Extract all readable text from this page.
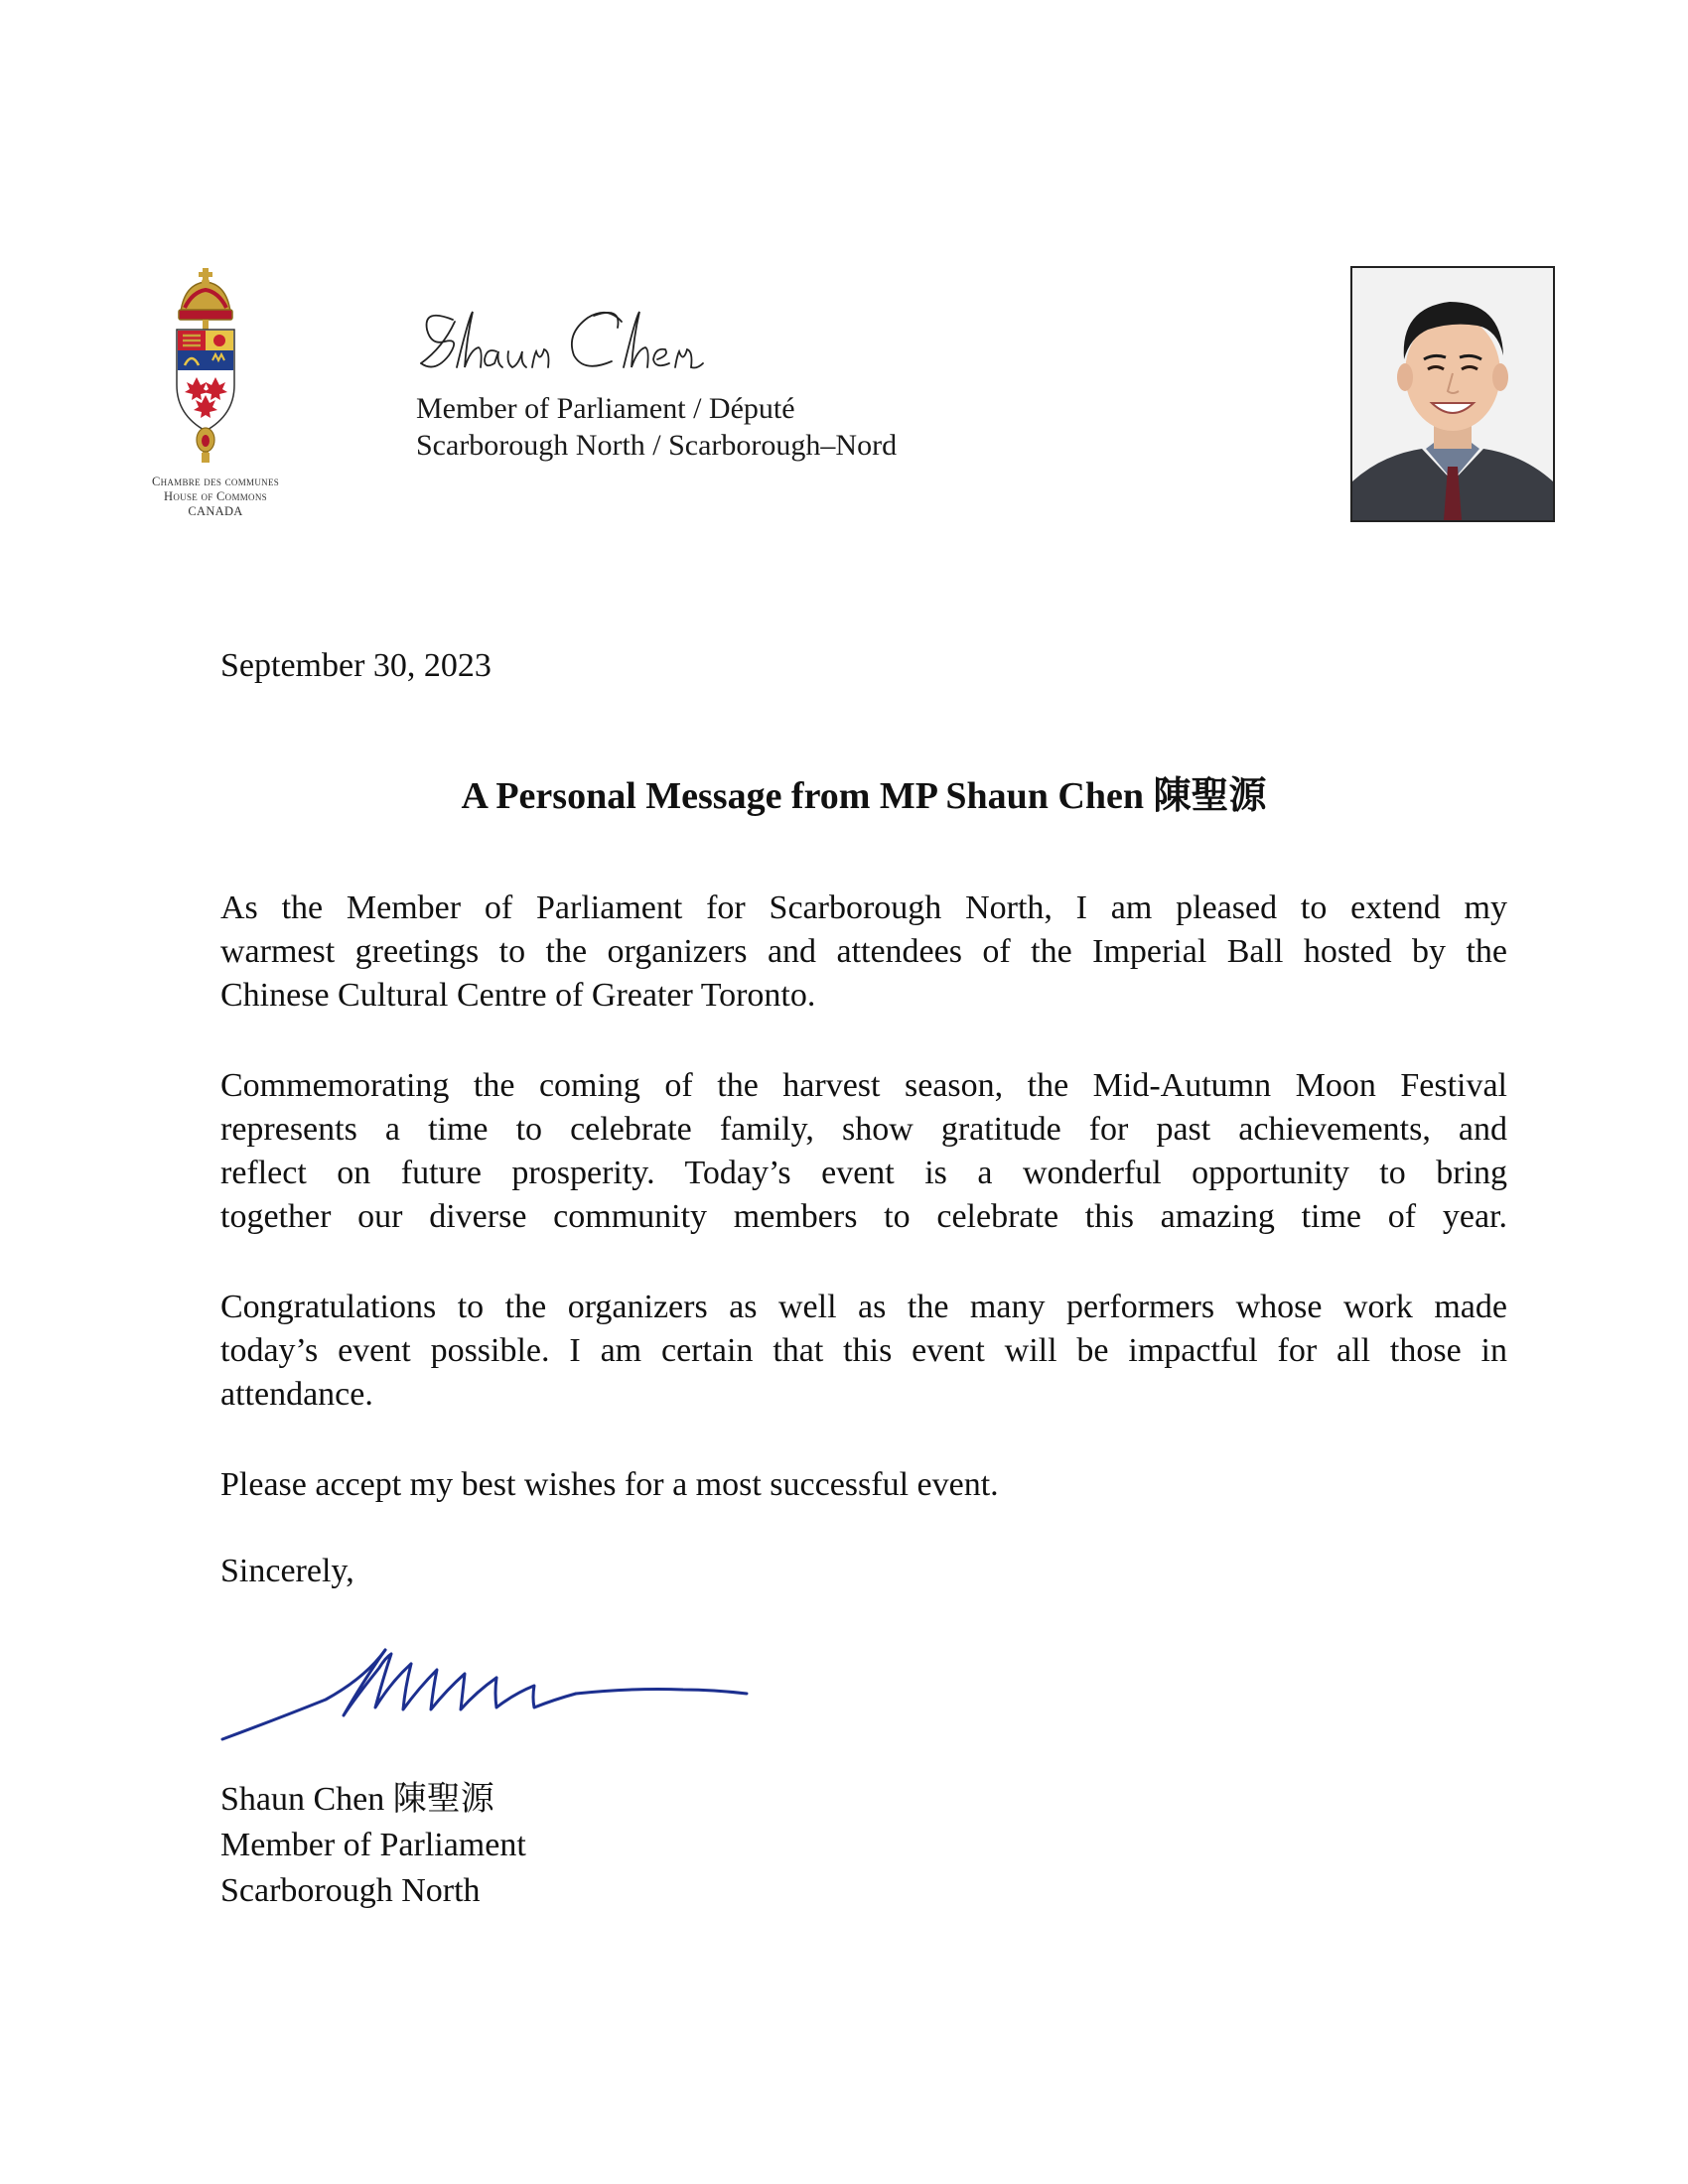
Chambre des communes
House of Commons
CANADA
Member of Parliament / Député
Scarborough North / Scarborough–Nord
September 30, 2023
A Personal Message from MP Shaun Chen 陳聖源
As the Member of Parliament for Scarborough North, I am pleased to extend my
warmest greetings to the organizers and attendees of the Imperial Ball hosted by the
Chinese Cultural Centre of Greater Toronto.
Commemorating the coming of the harvest season, the Mid-Autumn Moon Festival
represents a time to celebrate family, show gratitude for past achievements, and
reflect on future prosperity. Today’s event is a wonderful opportunity to bring
together our diverse community members to celebrate this amazing time of year.
Congratulations to the organizers as well as the many performers whose work made
today’s event possible. I am certain that this event will be impactful for all those in
attendance.
Please accept my best wishes for a most successful event.
Sincerely,
Shaun Chen 陳聖源
Member of Parliament
Scarborough North
